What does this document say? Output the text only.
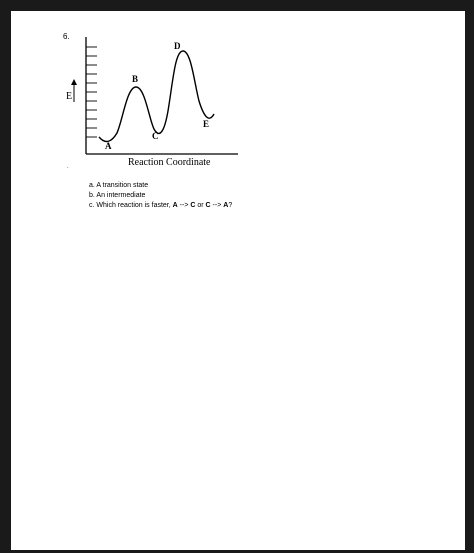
6.
E
A
B
C
D
E
Reaction Coordinate
.
a. A transition state
b. An intermediate
c. Which reaction is faster, A --> C or C --> A?
